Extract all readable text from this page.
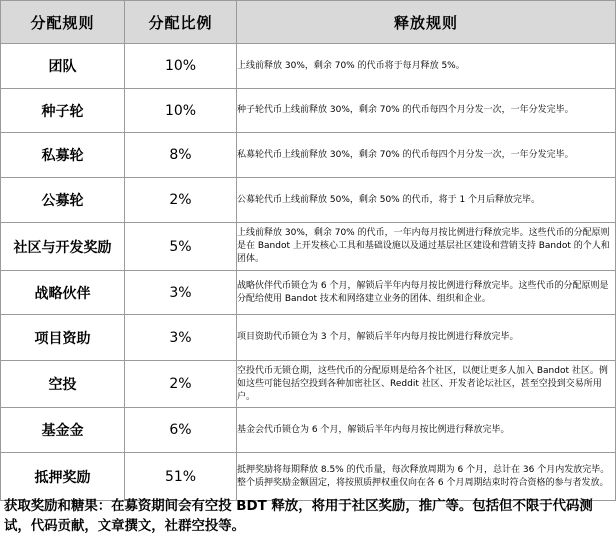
分配规则	分配比例	释放规则
团队	10%	上线前释放 30%，剩余 70% 的代币将于每月释放 5%。
种子轮	10%	种子轮代币上线前释放 30%，剩余 70% 的代币每四个月分发一次，一年分发完毕。
私募轮	8%	私募轮代币上线前释放 30%，剩余 70% 的代币每四个月分发一次，一年分发完毕。
公募轮	2%	公募轮代币上线前释放 50%，剩余 50% 的代币，将于 1 个月后释放完毕。
社区与开发奖励	5%	上线前释放 30%，剩余 70% 的代币，一年内每月按比例进行释放完毕。这些代币的分配原则是在 Bandot 上开发核心工具和基础设施以及通过基层社区建设和营销支持 Bandot 的个人和团体。
战略伙伴	3%	战略伙伴代币锁仓为 6 个月，解锁后半年内每月按比例进行释放完毕。这些代币的分配原则是分配给使用 Bandot 技术和网络建立业务的团体、组织和企业。
项目资助	3%	项目资助代币锁仓为 3 个月，解锁后半年内每月按比例进行释放完毕。
空投	2%	空投代币无锁仓期，这些代币的分配原则是给各个社区，以便让更多人加入 Bandot 社区。例如这些可能包括空投到各种加密社区、Reddit 社区、开发者论坛社区，甚至空投到交易所用户。
基金金	6%	基金会代币锁仓为 6 个月，解锁后半年内每月按比例进行释放完毕。
抵押奖励	51%	抵押奖励将每期释放 8.5% 的代币量，每次释放周期为 6 个月，总计在 36 个月内发放完毕。整个质押奖励金额固定，将按照质押权重仅向在各 6 个月周期结束时符合资格的参与者发放。
获取奖励和糖果：在募资期间会有空投 BDT 释放，将用于社区奖励，推广等。包括但不限于代码测试，代码贡献，文章撰文，社群空投等。
